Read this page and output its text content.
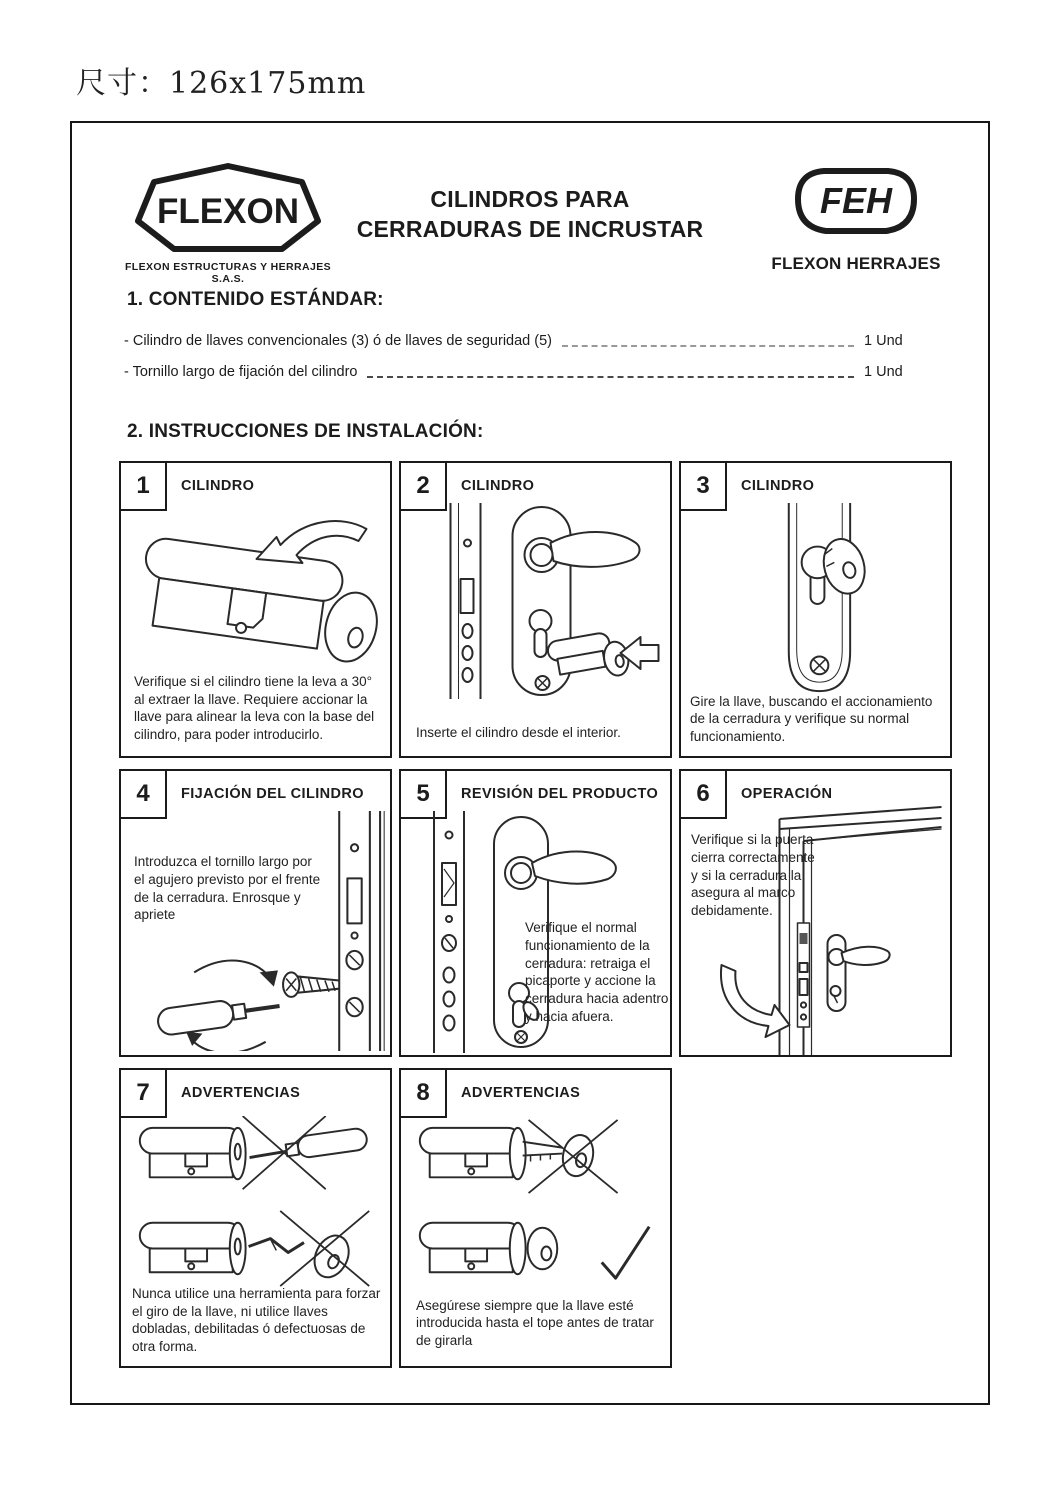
尺寸：126x175mm
FLEXON
FLEXON ESTRUCTURAS Y HERRAJES S.A.S.
CILINDROS PARA
CERRADURAS DE INCRUSTAR
FEH
FLEXON HERRAJES
1. CONTENIDO ESTÁNDAR:
- Cilindro de llaves convencionales (3) ó de llaves de seguridad (5)	1 Und
- Tornillo largo de fijación del cilindro	1 Und
2. INSTRUCCIONES DE INSTALACIÓN:
1	CILINDRO
Verifique si el cilindro tiene la leva a 30° al extraer la llave. Requiere accionar la llave para alinear la leva con la base del cilindro, para poder introducirlo.
2	CILINDRO
Inserte el cilindro desde el interior.
3	CILINDRO
Gire la llave, buscando el accionamiento de la cerradura y verifique su normal funcionamiento.
4	FIJACIÓN DEL CILINDRO
Introduzca el tornillo largo por el agujero previsto por el frente de la cerradura. Enrosque y apriete
5	REVISIÓN DEL PRODUCTO
Verifique el normal funcionamiento de la cerradura: retraiga el picaporte y accione la cerradura hacia adentro y hacia afuera.
6	OPERACIÓN
Verifique si la puerta cierra correctamente y si la cerradura la asegura al marco debidamente.
7	ADVERTENCIAS
Nunca utilice una herramienta para forzar el giro de la llave, ni utilice llaves dobladas, debilitadas ó defectuosas de otra forma.
8	ADVERTENCIAS
Asegúrese siempre que la llave esté introducida hasta el tope antes de tratar de girarla
